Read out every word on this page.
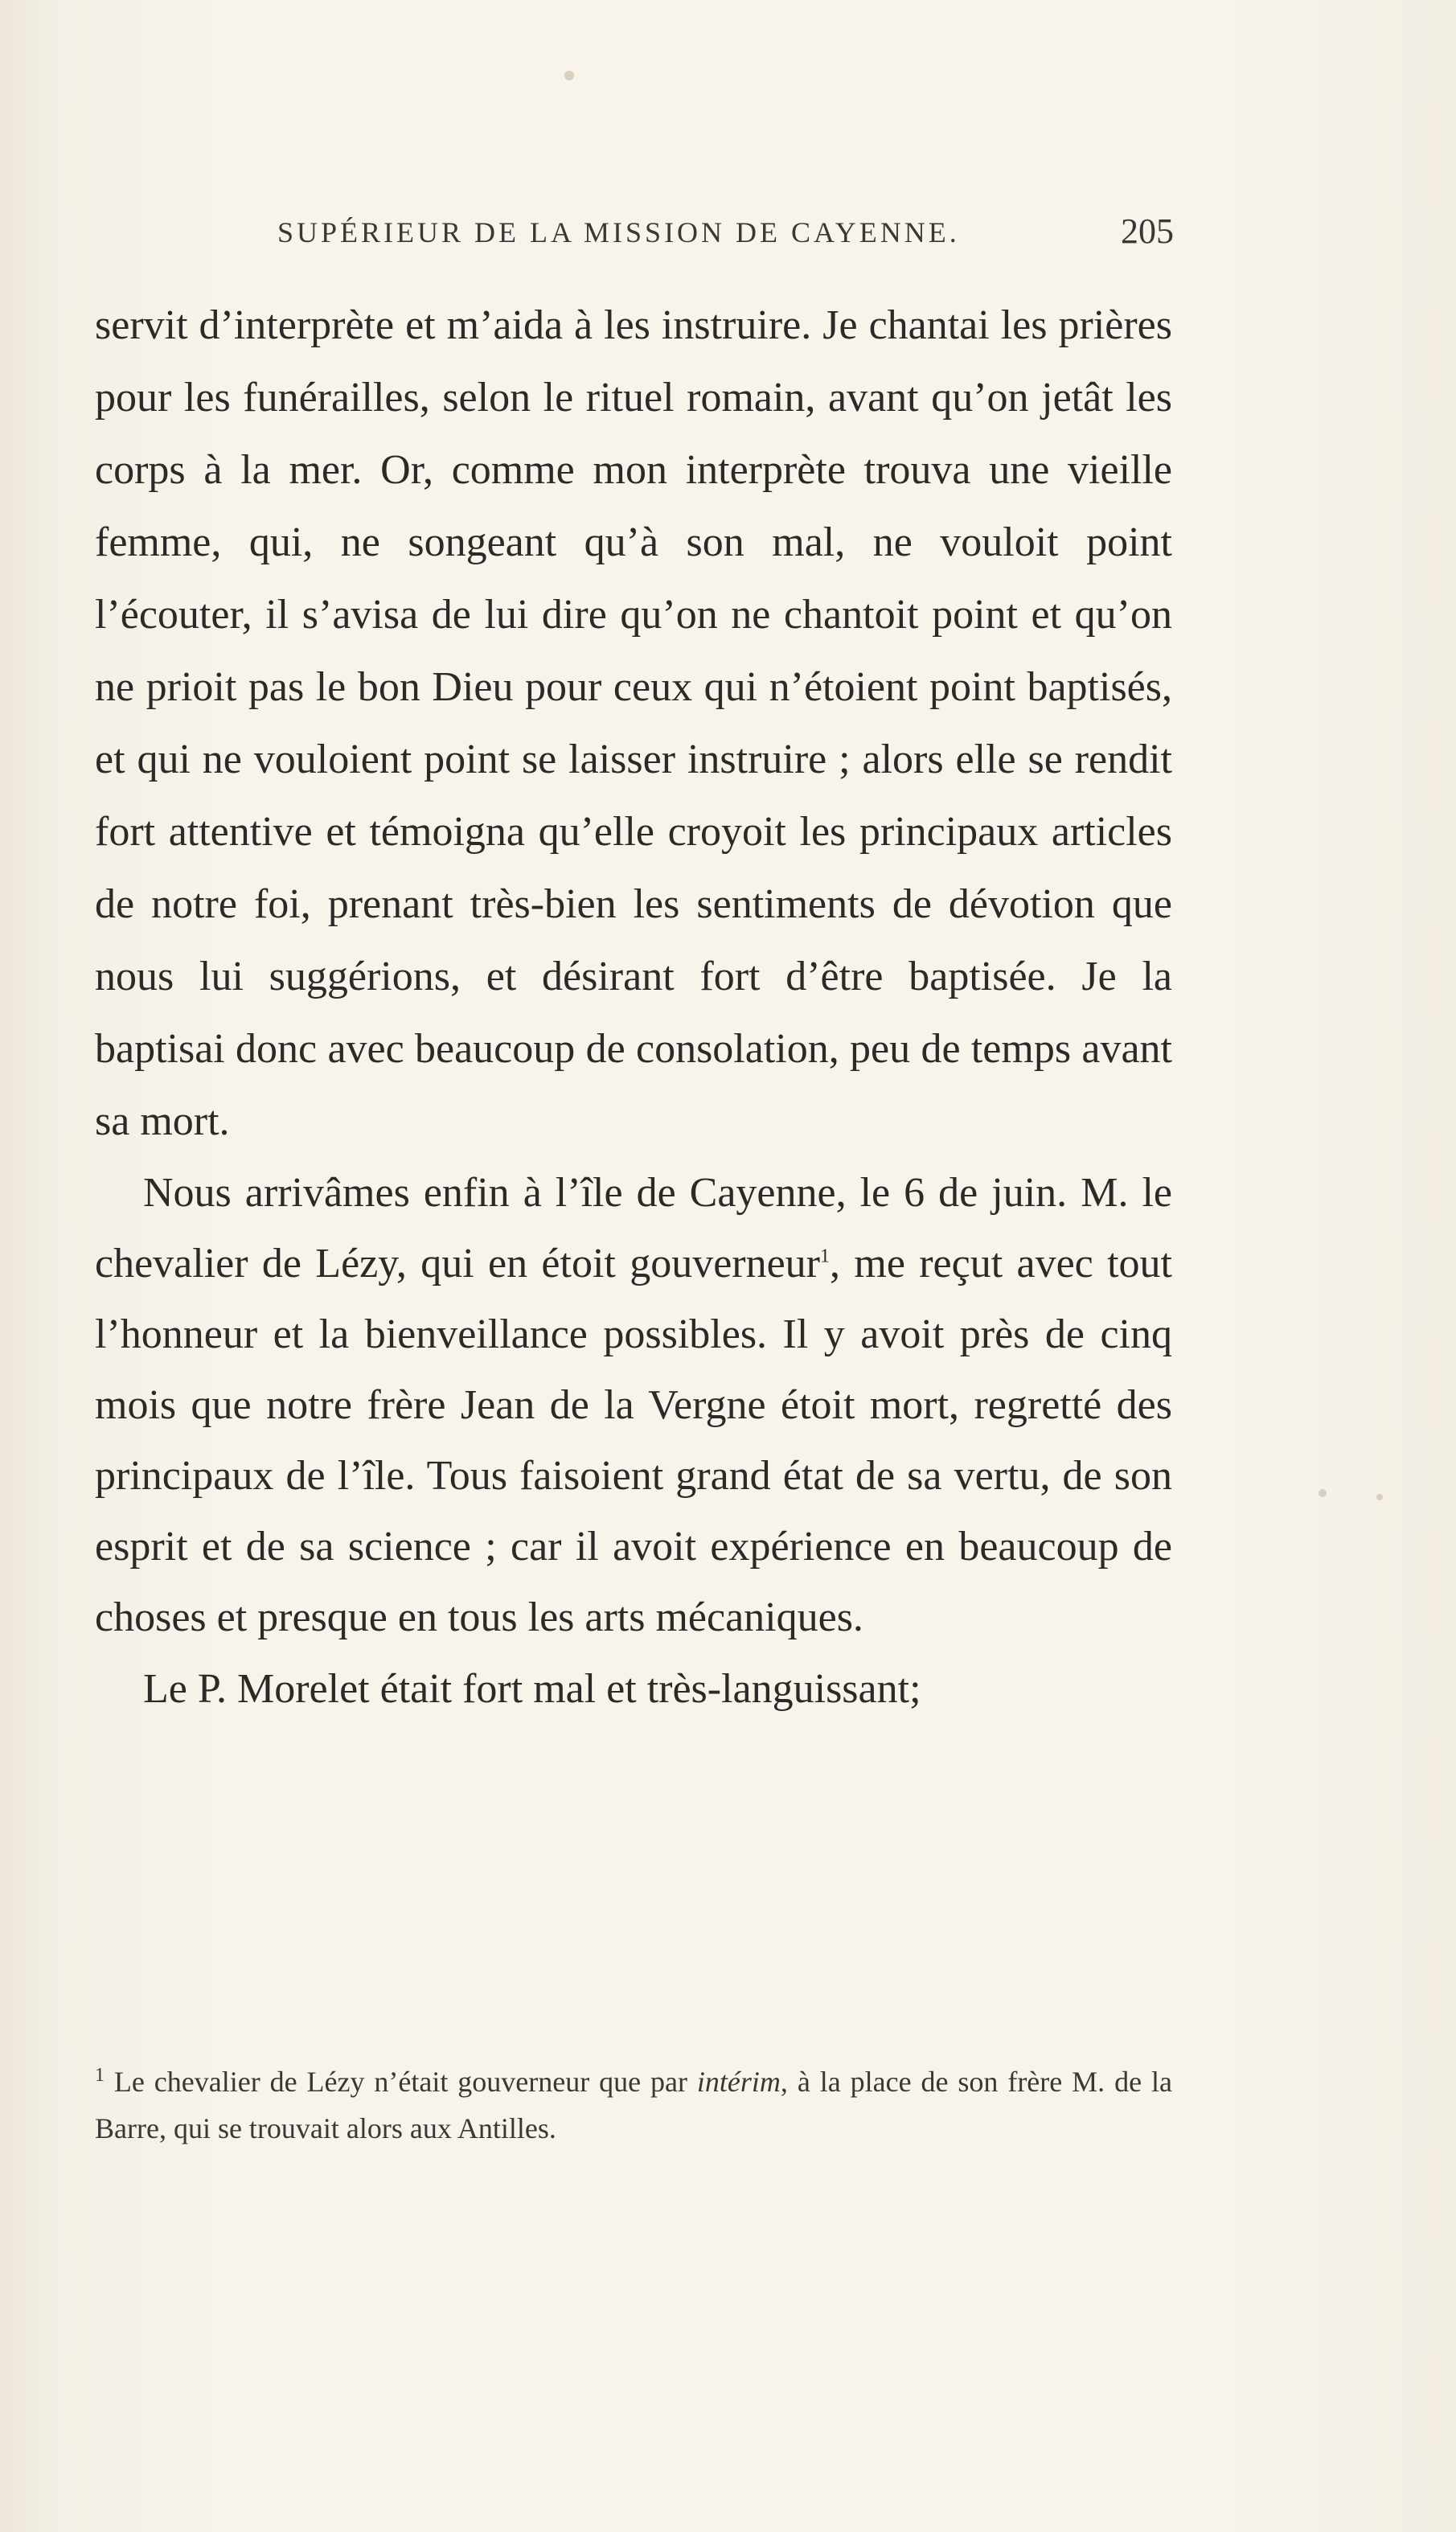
SUPÉRIEUR DE LA MISSION DE CAYENNE.	205

servit d’interprète et m’aida à les instruire. Je chantai les prières pour les funérailles, selon le rituel romain, avant qu’on jetât les corps à la mer. Or, comme mon interprète trouva une vieille femme, qui, ne songeant qu’à son mal, ne vouloit point l’écouter, il s’avisa de lui dire qu’on ne chantoit point et qu’on ne prioit pas le bon Dieu pour ceux qui n’étoient point baptisés, et qui ne vouloient point se laisser instruire ; alors elle se rendit fort attentive et témoigna qu’elle croyoit les principaux articles de notre foi, prenant très-bien les sentiments de dévotion que nous lui suggérions, et désirant fort d’être baptisée. Je la baptisai donc avec beaucoup de consolation, peu de temps avant sa mort.

Nous arrivâmes enfin à l’île de Cayenne, le 6 de juin. M. le chevalier de Lézy, qui en étoit gouverneur$^1$, me reçut avec tout l’honneur et la bienveillance possibles. Il y avoit près de cinq mois que notre frère Jean de la Vergne étoit mort, regretté des principaux de l’île. Tous faisoient grand état de sa vertu, de son esprit et de sa science ; car il avoit expérience en beaucoup de choses et presque en tous les arts mécaniques.

Le P. Morelet était fort mal et très-languissant;

$^1$ Le chevalier de Lézy n’était gouverneur que par intérim, à la place de son frère M. de la Barre, qui se trouvait alors aux Antilles.
